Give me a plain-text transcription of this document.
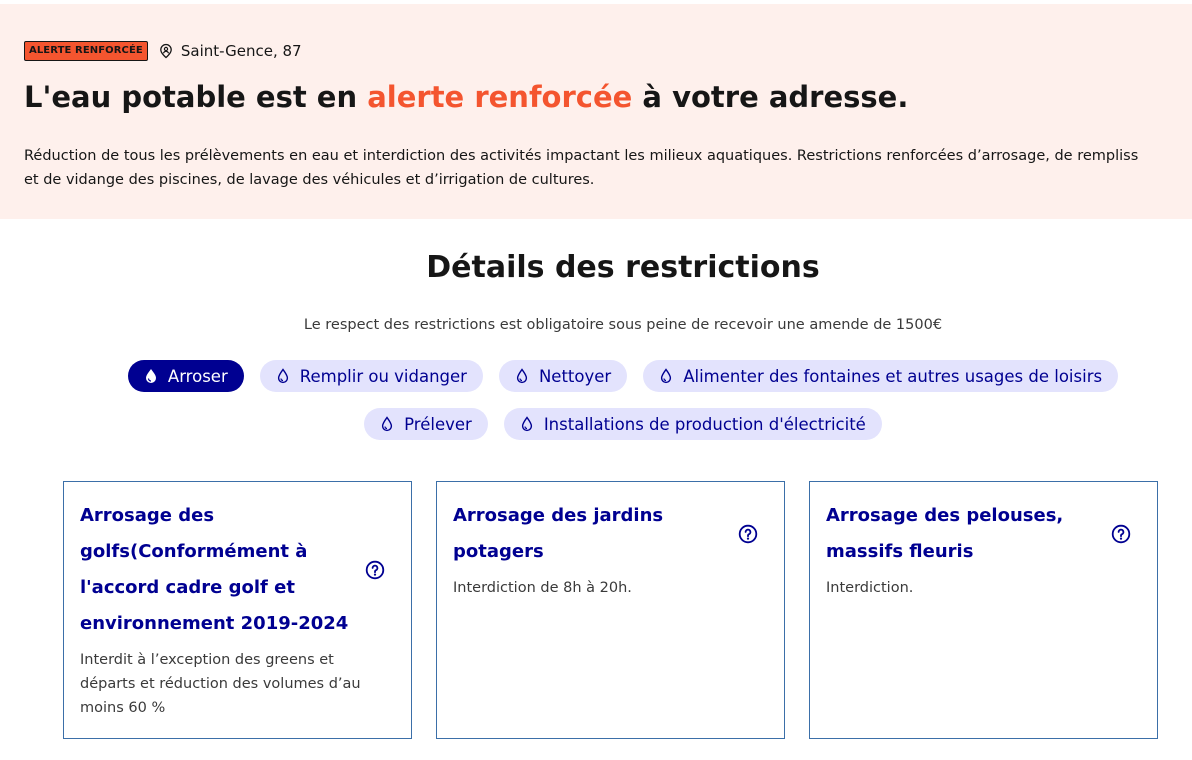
ALERTE RENFORCÉE	Saint-Gence, 87
L'eau potable est en alerte renforcée à votre adresse.

Réduction de tous les prélèvements en eau et interdiction des activités impactant les milieux aquatiques. Restrictions renforcées d’arrosage, de rempliss
et de vidange des piscines, de lavage des véhicules et d’irrigation de cultures.

Détails des restrictions
Le respect des restrictions est obligatoire sous peine de recevoir une amende de 1500€
Arroser	Remplir ou vidanger	Nettoyer	Alimenter des fontaines et autres usages de loisirs
Prélever	Installations de production d'électricité
Arrosage des golfs(Conformément à l'accord cadre golf et environnement 2019-2024

Interdit à l’exception des greens et départs et réduction des volumes d’au moins 60 %

Arrosage des jardins potagers

Interdiction de 8h à 20h.

Arrosage des pelouses, massifs fleuris

Interdiction.
